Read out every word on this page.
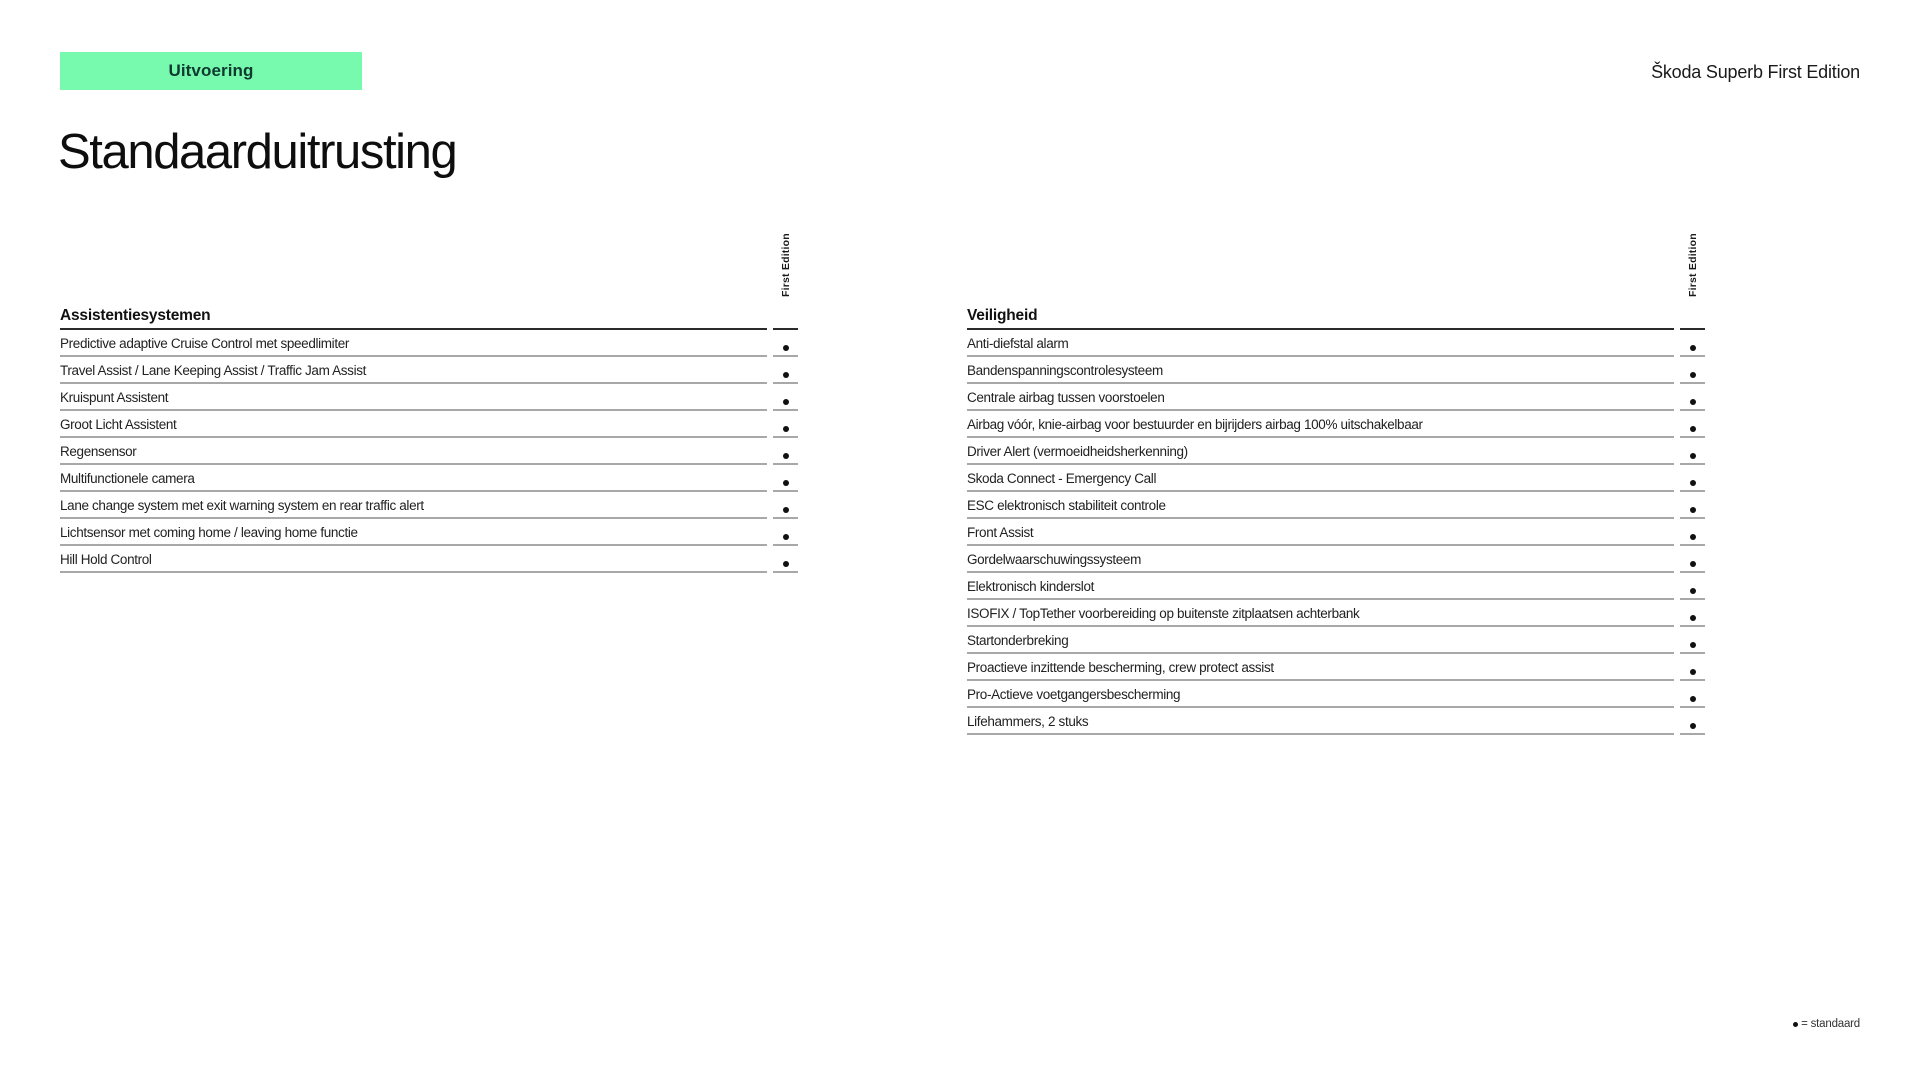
Uitvoering	Škoda Superb First Edition
Standaarduitrusting
First Edition
Assistentiesystemen
Predictive adaptive Cruise Control met speedlimiter
Travel Assist / Lane Keeping Assist / Traffic Jam Assist
Kruispunt Assistent
Groot Licht Assistent
Regensensor
Multifunctionele camera
Lane change system met exit warning system en rear traffic alert
Lichtsensor met coming home / leaving home functie
Hill Hold Control
First Edition
Veiligheid
Anti-diefstal alarm
Bandenspanningscontrolesysteem
Centrale airbag tussen voorstoelen
Airbag vóór, knie-airbag voor bestuurder en bijrijders airbag 100% uitschakelbaar
Driver Alert (vermoeidheidsherkenning)
Skoda Connect - Emergency Call
ESC elektronisch stabiliteit controle
Front Assist
Gordelwaarschuwingssysteem
Elektronisch kinderslot
ISOFIX / TopTether voorbereiding op buitenste zitplaatsen achterbank
Startonderbreking
Proactieve inzittende bescherming, crew protect assist
Pro-Actieve voetgangersbescherming
Lifehammers, 2 stuks
= standaard
